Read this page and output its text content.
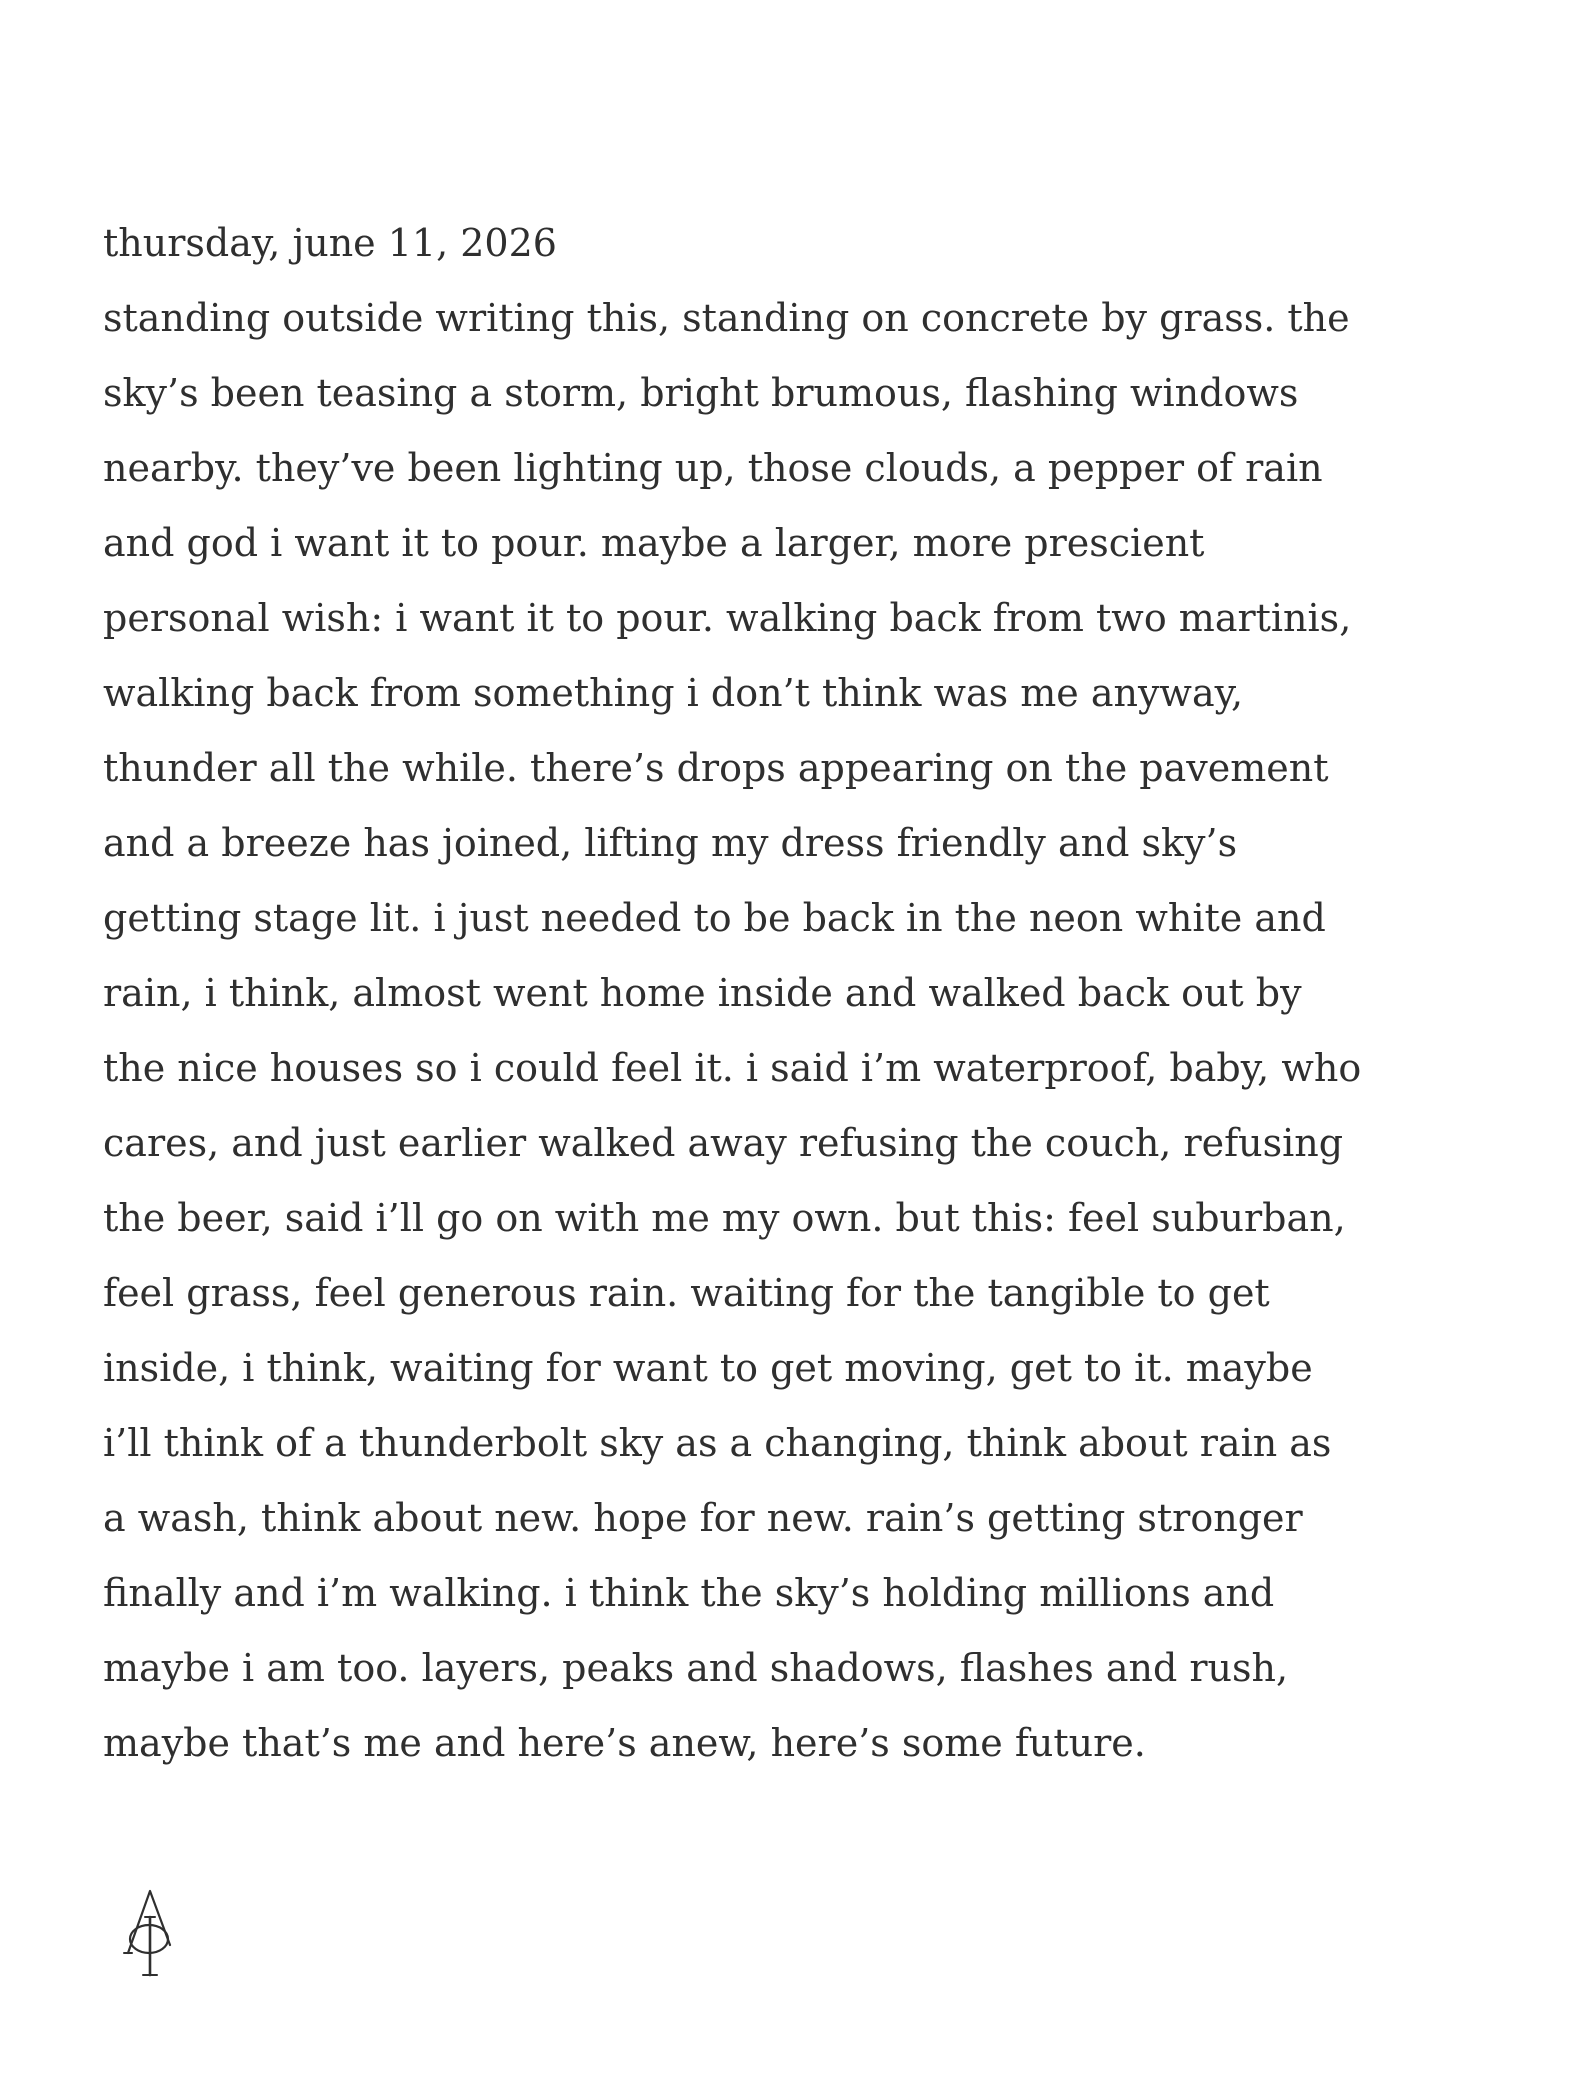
thursday, june 11, 2026
standing outside writing this, standing on concrete by grass. the
sky’s been teasing a storm, bright brumous, flashing windows
nearby. they’ve been lighting up, those clouds, a pepper of rain
and god i want it to pour. maybe a larger, more prescient
personal wish: i want it to pour. walking back from two martinis,
walking back from something i don’t think was me anyway,
thunder all the while. there’s drops appearing on the pavement
and a breeze has joined, lifting my dress friendly and sky’s
getting stage lit. i just needed to be back in the neon white and
rain, i think, almost went home inside and walked back out by
the nice houses so i could feel it. i said i’m waterproof, baby, who
cares, and just earlier walked away refusing the couch, refusing
the beer, said i’ll go on with me my own. but this: feel suburban,
feel grass, feel generous rain. waiting for the tangible to get
inside, i think, waiting for want to get moving, get to it. maybe
i’ll think of a thunderbolt sky as a changing, think about rain as
a wash, think about new. hope for new. rain’s getting stronger
finally and i’m walking. i think the sky’s holding millions and
maybe i am too. layers, peaks and shadows, flashes and rush,
maybe that’s me and here’s anew, here’s some future.
